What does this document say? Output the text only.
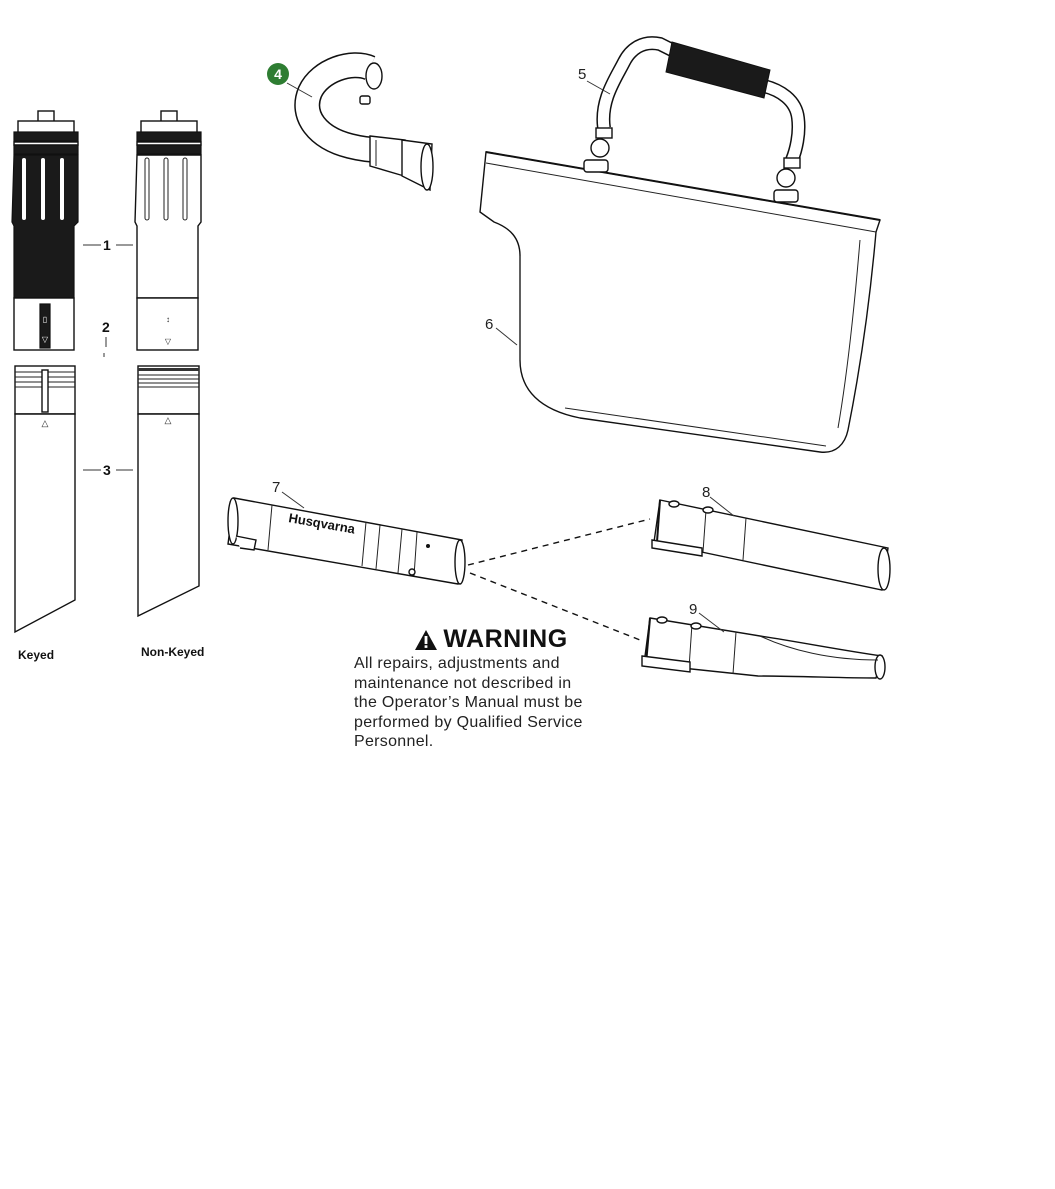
▯
▽
↕
▽
△	△
1
2
3
4	5
6
Husqvarna
7	8
9
Keyed	Non-Keyed	WARNING
All repairs, adjustments and
maintenance not described in
the Operator’s Manual must be
performed by Qualified Service
Personnel.
